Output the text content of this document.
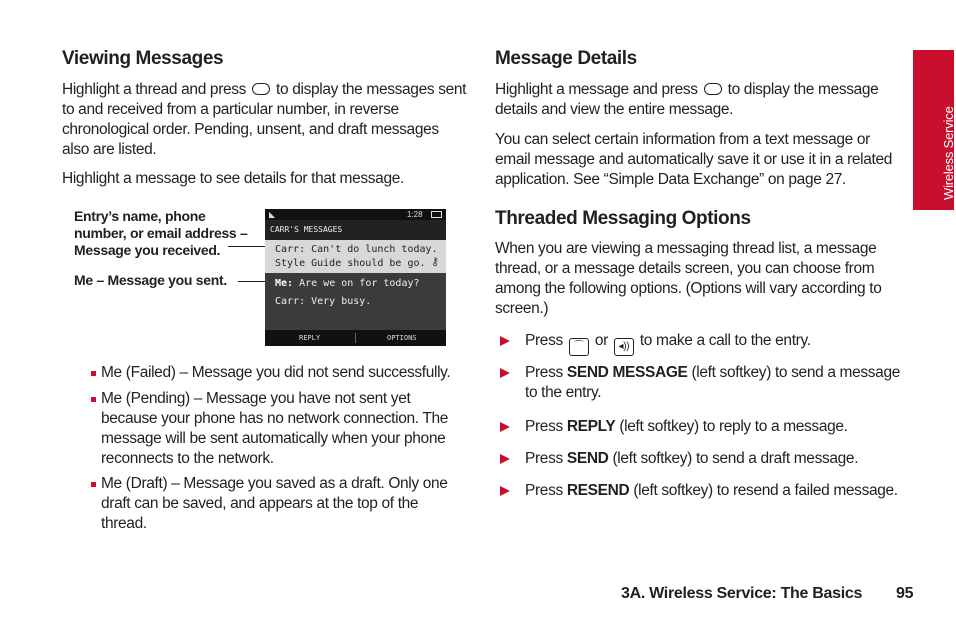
Viewing Messages

Highlight a thread and press to display the messages sent to and received from a particular number, in reverse chronological order. Pending, unsent, and draft messages also are listed.

Highlight a message to see details for that message.

Entry’s name, phone number, or email address – Message you received.
Me – Message you sent.
◣	1:28
CARR'S MESSAGES
Carr: Can't do lunch today.
Style Guide should be go. ⚷
Me: Are we on for today?
Carr: Very busy.
REPLY	OPTIONS
Me (Failed) – Message you did not send successfully.
Me (Pending) – Message you have not sent yet because your phone has no network connection. The message will be sent automatically when your phone reconnects to the network.
Me (Draft) – Message you saved as a draft. Only one draft can be saved, and appears at the top of the thread.
Message Details

Highlight a message and press to display the message details and view the entire message.

You can select certain information from a text message or email message and automatically save it or use it in a related application. See “Simple Data Exchange” on page 27.

Threaded Messaging Options

When you are viewing a messaging thread list, a message thread, or a message details screen, you can choose from among the following options. (Options will vary according to screen.)

Press ⌒ or ◂)) to make a call to the entry.
Press SEND MESSAGE (left softkey) to send a message to the entry.
Press REPLY (left softkey) to reply to a message.
Press SEND (left softkey) to send a draft message.
Press RESEND (left softkey) to resend a failed message.
Wireless Service
3A. Wireless Service: The Basics 95
